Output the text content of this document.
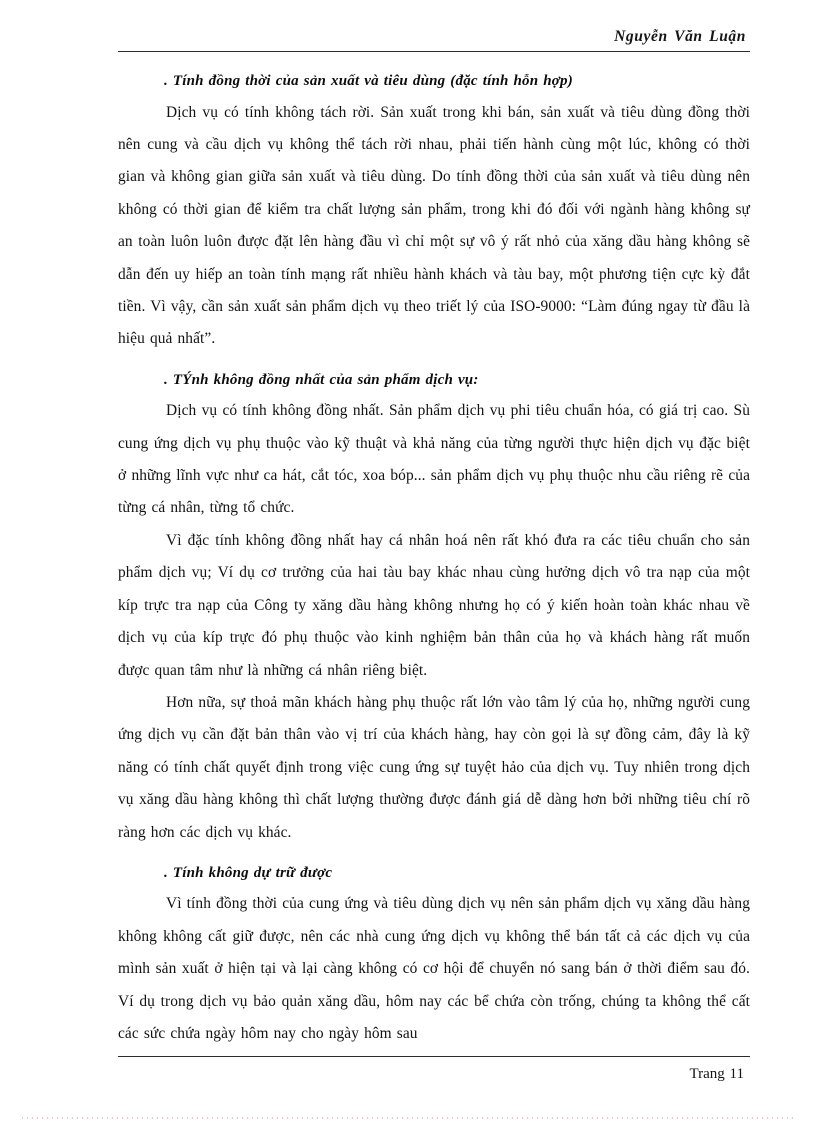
Nguyễn Văn Luận
. Tính đồng thời của sản xuất và tiêu dùng (đặc tính hỗn hợp)

Dịch vụ có tính không tách rời. Sản xuất trong khi bán, sản xuất và tiêu dùng đồng thời nên cung và cầu dịch vụ không thể tách rời nhau, phải tiến hành cùng một lúc, không có thời gian và không gian giữa sản xuất và tiêu dùng. Do tính đồng thời của sản xuất và tiêu dùng nên không có thời gian để kiểm tra chất lượng sản phẩm, trong khi đó đối với ngành hàng không sự an toàn luôn luôn được đặt lên hàng đầu vì chỉ một sự vô ý rất nhỏ của xăng dầu hàng không sẽ dẫn đến uy hiếp an toàn tính mạng rất nhiều hành khách và tàu bay, một phương tiện cực kỳ đắt tiền. Vì vậy, cần sản xuất sản phẩm dịch vụ theo triết lý của ISO-9000: “Làm đúng ngay từ đầu là hiệu quả nhất”.

. TÝnh không đồng nhất của sản phẩm dịch vụ:

Dịch vụ có tính không đồng nhất. Sản phẩm dịch vụ phi tiêu chuẩn hóa, có giá trị cao. Sù cung ứng dịch vụ phụ thuộc vào kỹ thuật và khả năng của từng người thực hiện dịch vụ đặc biệt ở những lĩnh vực như ca hát, cắt tóc, xoa bóp... sản phẩm dịch vụ phụ thuộc nhu cầu riêng rẽ của từng cá nhân, từng tổ chức.

Vì đặc tính không đồng nhất hay cá nhân hoá nên rất khó đưa ra các tiêu chuẩn cho sản phẩm dịch vụ; Ví dụ cơ trưởng của hai tàu bay khác nhau cùng hưởng dịch vô tra nạp của một kíp trực tra nạp của Công ty xăng dầu hàng không nhưng họ có ý kiến hoàn toàn khác nhau về dịch vụ của kíp trực đó phụ thuộc vào kinh nghiệm bản thân của họ và khách hàng rất muốn được quan tâm như là những cá nhân riêng biệt.

Hơn nữa, sự thoả mãn khách hàng phụ thuộc rất lớn vào tâm lý của họ, những người cung ứng dịch vụ cần đặt bản thân vào vị trí của khách hàng, hay còn gọi là sự đồng cảm, đây là kỹ năng có tính chất quyết định trong việc cung ứng sự tuyệt hảo của dịch vụ. Tuy nhiên trong dịch vụ xăng dầu hàng không thì chất lượng thường được đánh giá dễ dàng hơn bởi những tiêu chí rõ ràng hơn các dịch vụ khác.

. Tính không dự trữ được

Vì tính đồng thời của cung ứng và tiêu dùng dịch vụ nên sản phẩm dịch vụ xăng dầu hàng không không cất giữ được, nên các nhà cung ứng dịch vụ không thể bán tất cả các dịch vụ của mình sản xuất ở hiện tại và lại càng không có cơ hội để chuyển nó sang bán ở thời điểm sau đó. Ví dụ trong dịch vụ bảo quản xăng dầu, hôm nay các bể chứa còn trống, chúng ta không thể cất các sức chứa ngày hôm nay cho ngày hôm sau

Trang 11
